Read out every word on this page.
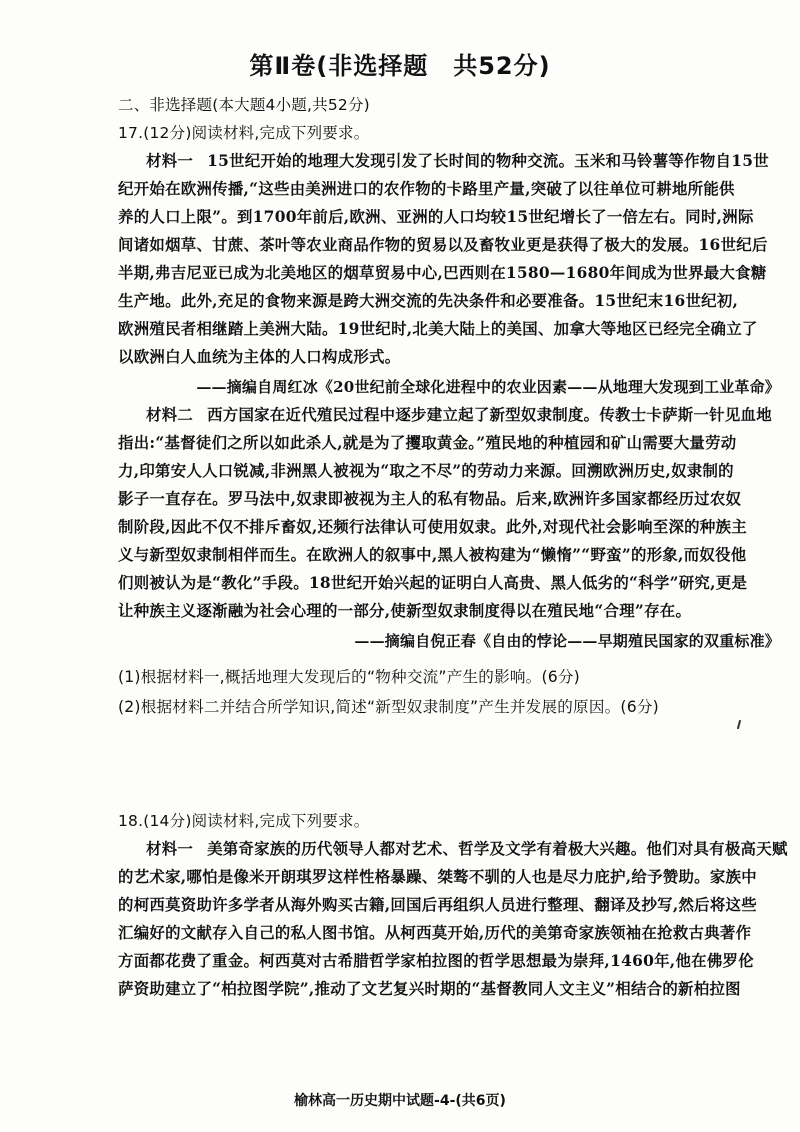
第Ⅱ卷(非选择题　共52分)
二、非选择题(本大题4小题,共52分)
17.(12分)阅读材料,完成下列要求。
材料一 15世纪开始的地理大发现引发了长时间的物种交流。玉米和马铃薯等作物自15世
纪开始在欧洲传播,“这些由美洲进口的农作物的卡路里产量,突破了以往单位可耕地所能供
养的人口上限”。到1700年前后,欧洲、亚洲的人口均较15世纪增长了一倍左右。同时,洲际
间诸如烟草、甘蔗、茶叶等农业商品作物的贸易以及畜牧业更是获得了极大的发展。16世纪后
半期,弗吉尼亚已成为北美地区的烟草贸易中心,巴西则在1580—1680年间成为世界最大食糖
生产地。此外,充足的食物来源是跨大洲交流的先决条件和必要准备。15世纪末16世纪初,
欧洲殖民者相继踏上美洲大陆。19世纪时,北美大陆上的美国、加拿大等地区已经完全确立了
以欧洲白人血统为主体的人口构成形式。
——摘编自周红冰《20世纪前全球化进程中的农业因素——从地理大发现到工业革命》
材料二 西方国家在近代殖民过程中逐步建立起了新型奴隶制度。传教士卡萨斯一针见血地
指出:“基督徒们之所以如此杀人,就是为了攫取黄金。”殖民地的种植园和矿山需要大量劳动
力,印第安人人口锐减,非洲黑人被视为“取之不尽”的劳动力来源。回溯欧洲历史,奴隶制的
影子一直存在。罗马法中,奴隶即被视为主人的私有物品。后来,欧洲许多国家都经历过农奴
制阶段,因此不仅不排斥畜奴,还频行法律认可使用奴隶。此外,对现代社会影响至深的种族主
义与新型奴隶制相伴而生。在欧洲人的叙事中,黑人被构建为“懒惰”“野蛮”的形象,而奴役他
们则被认为是“教化”手段。18世纪开始兴起的证明白人高贵、黑人低劣的“科学”研究,更是
让种族主义逐渐融为社会心理的一部分,使新型奴隶制度得以在殖民地“合理”存在。
——摘编自倪正春《自由的悖论——早期殖民国家的双重标准》
(1)根据材料一,概括地理大发现后的“物种交流”产生的影响。(6分)
(2)根据材料二并结合所学知识,简述“新型奴隶制度”产生并发展的原因。(6分)
18.(14分)阅读材料,完成下列要求。
材料一 美第奇家族的历代领导人都对艺术、哲学及文学有着极大兴趣。他们对具有极高天赋
的艺术家,哪怕是像米开朗琪罗这样性格暴躁、桀骜不驯的人也是尽力庇护,给予赞助。家族中
的柯西莫资助许多学者从海外购买古籍,回国后再组织人员进行整理、翻译及抄写,然后将这些
汇编好的文献存入自己的私人图书馆。从柯西莫开始,历代的美第奇家族领袖在抢救古典著作
方面都花费了重金。柯西莫对古希腊哲学家柏拉图的哲学思想最为崇拜,1460年,他在佛罗伦
萨资助建立了“柏拉图学院”,推动了文艺复兴时期的“基督教同人文主义”相结合的新柏拉图
榆林高一历史期中试题-4-(共6页)
